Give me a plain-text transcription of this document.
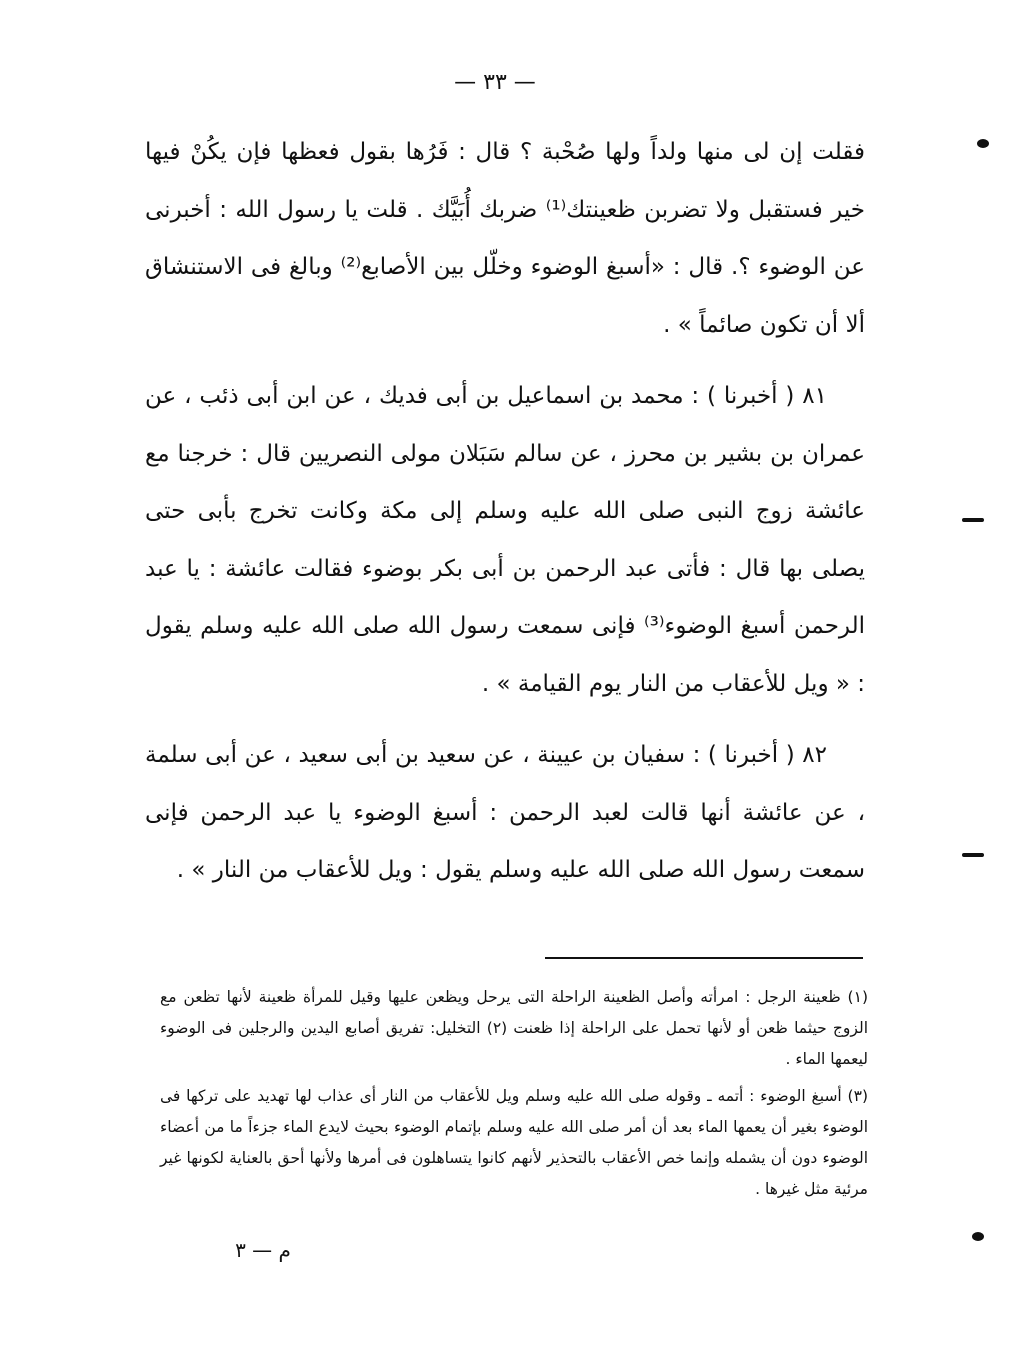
— ٣٣ —

فقلت إن لى منها ولداً ولها صُحْبة ؟ قال : فَرُها بقول فعظها فإن يكُنْ فيها خير فستقبل ولا تضربن ظعينتك⁽¹⁾ ضربك أُبَيَّك . قلت يا رسول الله : أخبرنى عن الوضوء ؟. قال : «أسبغ الوضوء وخلّل بين الأصابع⁽²⁾ وبالغ فى الاستنشاق ألا أن تكون صائماً » .

٨١ ( أخبرنا ) : محمد بن اسماعيل بن أبى فديك ، عن ابن أبى ذئب ، عن عمران بن بشير بن محرز ، عن سالم سَبَلان مولى النصريين قال : خرجنا مع عائشة زوج النبى صلى الله عليه وسلم إلى مكة وكانت تخرج بأبى حتى يصلى بها قال : فأتى عبد الرحمن بن أبى بكر بوضوء فقالت عائشة : يا عبد الرحمن أسبغ الوضوء⁽³⁾ فإنى سمعت رسول الله صلى الله عليه وسلم يقول : « ويل للأعقاب من النار يوم القيامة » .

٨٢ ( أخبرنا ) : سفيان بن عيينة ، عن سعيد بن أبى سعيد ، عن أبى سلمة ، عن عائشة أنها قالت لعبد الرحمن : أسبغ الوضوء يا عبد الرحمن فإنى سمعت رسول الله صلى الله عليه وسلم يقول : ويل للأعقاب من النار » .

(١) ظعينة الرجل : امرأته وأصل الظعينة الراحلة التى يرحل ويظعن عليها وقيل للمرأة ظعينة لأنها تظعن مع الزوج حيثما ظعن أو لأنها تحمل على الراحلة إذا ظعنت (٢) التخليل: تفريق أصابع اليدين والرجلين فى الوضوء ليعمها الماء .

(٣) أسبغ الوضوء : أتمه ـ وقوله صلى الله عليه وسلم ويل للأعقاب من النار أى عذاب لها تهديد على تركها فى الوضوء بغير أن يعمها الماء بعد أن أمر صلى الله عليه وسلم بإتمام الوضوء بحيث لايدع الماء جزءاً ما من أعضاء الوضوء دون أن يشمله وإنما خص الأعقاب بالتحذير لأنهم كانوا يتساهلون فى أمرها ولأنها أحق بالعناية لكونها غير مرئية مثل غيرها .

م — ٣
